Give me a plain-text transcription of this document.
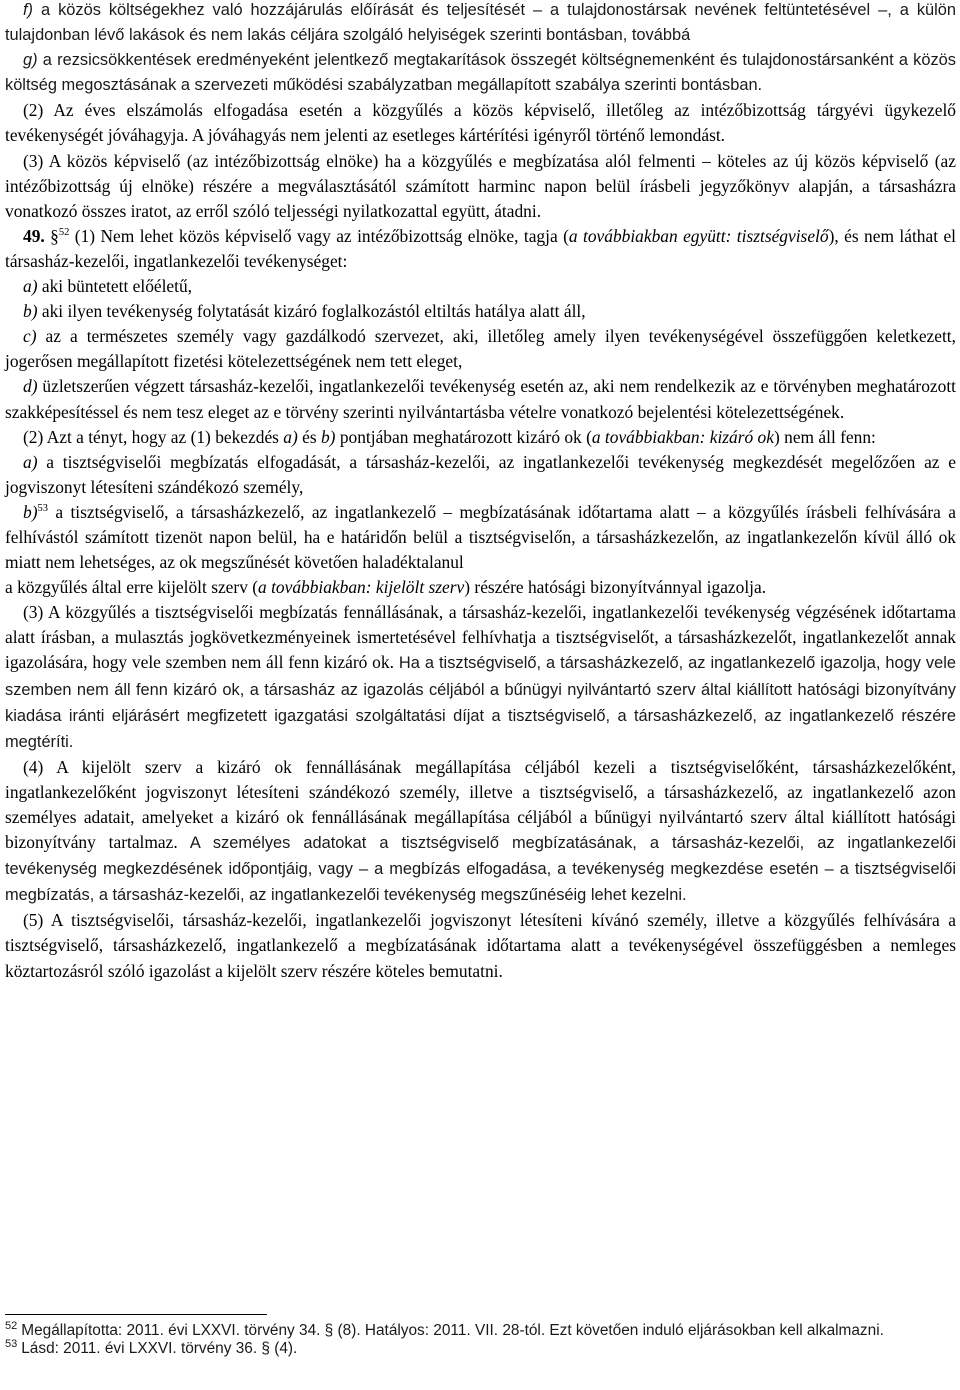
f) a közös költségekhez való hozzájárulás előírását és teljesítését – a tulajdonostársak nevének feltüntetésével –, a külön tulajdonban lévő lakások és nem lakás céljára szolgáló helyiségek szerinti bontásban, továbbá

g) a rezsicsökkentések eredményeként jelentkező megtakarítások összegét költségnemenként és tulajdonostársanként a közös költség megosztásának a szervezeti működési szabályzatban megállapított szabálya szerinti bontásban.

(2) Az éves elszámolás elfogadása esetén a közgyűlés a közös képviselő, illetőleg az intézőbizottság tárgyévi ügykezelő tevékenységét jóváhagyja. A jóváhagyás nem jelenti az esetleges kártérítési igényről történő lemondást.

(3) A közös képviselő (az intézőbizottság elnöke) ha a közgyűlés e megbízatása alól felmenti – köteles az új közös képviselő (az intézőbizottság új elnöke) részére a megválasztásától számított harminc napon belül írásbeli jegyzőkönyv alapján, a társasházra vonatkozó összes iratot, az erről szóló teljességi nyilatkozattal együtt, átadni.

49. §$^{52}$ (1) Nem lehet közös képviselő vagy az intézőbizottság elnöke, tagja (a továbbiakban együtt: tisztségviselő), és nem láthat el társasház-kezelői, ingatlankezelői tevékenységet:

a) aki büntetett előéletű,

b) aki ilyen tevékenység folytatását kizáró foglalkozástól eltiltás hatálya alatt áll,

c) az a természetes személy vagy gazdálkodó szervezet, aki, illetőleg amely ilyen tevékenységével összefüggően keletkezett, jogerősen megállapított fizetési kötelezettségének nem tett eleget,

d) üzletszerűen végzett társasház-kezelői, ingatlankezelői tevékenység esetén az, aki nem rendelkezik az e törvényben meghatározott szakképesítéssel és nem tesz eleget az e törvény szerinti nyilvántartásba vételre vonatkozó bejelentési kötelezettségének.

(2) Azt a tényt, hogy az (1) bekezdés a) és b) pontjában meghatározott kizáró ok (a továbbiakban: kizáró ok) nem áll fenn:

a) a tisztségviselői megbízatás elfogadását, a társasház-kezelői, az ingatlankezelői tevékenység megkezdését megelőzően az e jogviszonyt létesíteni szándékozó személy,

b)$^{53}$ a tisztségviselő, a társasházkezelő, az ingatlankezelő – megbízatásának időtartama alatt – a közgyűlés írásbeli felhívására a felhívástól számított tizenöt napon belül, ha e határidőn belül a tisztségviselőn, a társasházkezelőn, az ingatlankezelőn kívül álló ok miatt nem lehetséges, az ok megszűnését követően haladéktalanul

a közgyűlés által erre kijelölt szerv (a továbbiakban: kijelölt szerv) részére hatósági bizonyítvánnyal igazolja.

(3) A közgyűlés a tisztségviselői megbízatás fennállásának, a társasház-kezelői, ingatlankezelői tevékenység végzésének időtartama alatt írásban, a mulasztás jogkövetkezményeinek ismertetésével felhívhatja a tisztségviselőt, a társasházkezelőt, ingatlankezelőt annak igazolására, hogy vele szemben nem áll fenn kizáró ok. Ha a tisztségviselő, a társasházkezelő, az ingatlankezelő igazolja, hogy vele szemben nem áll fenn kizáró ok, a társasház az igazolás céljából a bűnügyi nyilvántartó szerv által kiállított hatósági bizonyítvány kiadása iránti eljárásért megfizetett igazgatási szolgáltatási díjat a tisztségviselő, a társasházkezelő, az ingatlankezelő részére megtéríti.

(4) A kijelölt szerv a kizáró ok fennállásának megállapítása céljából kezeli a tisztségviselőként, társasházkezelőként, ingatlankezelőként jogviszonyt létesíteni szándékozó személy, illetve a tisztségviselő, a társasházkezelő, az ingatlankezelő azon személyes adatait, amelyeket a kizáró ok fennállásának megállapítása céljából a bűnügyi nyilvántartó szerv által kiállított hatósági bizonyítvány tartalmaz. A személyes adatokat a tisztségviselő megbízatásának, a társasház-kezelői, az ingatlankezelői tevékenység megkezdésének időpontjáig, vagy – a megbízás elfogadása, a tevékenység megkezdése esetén – a tisztségviselői megbízatás, a társasház-kezelői, az ingatlankezelői tevékenység megszűnéséig lehet kezelni.

(5) A tisztségviselői, társasház-kezelői, ingatlankezelői jogviszonyt létesíteni kívánó személy, illetve a közgyűlés felhívására a tisztségviselő, társasházkezelő, ingatlankezelő a megbízatásának időtartama alatt a tevékenységével összefüggésben a nemleges köztartozásról szóló igazolást a kijelölt szerv részére köteles bemutatni.

$^{52}$ Megállapította: 2011. évi LXXVI. törvény 34. § (8). Hatályos: 2011. VII. 28-tól. Ezt követően induló eljárásokban kell alkalmazni.

$^{53}$ Lásd: 2011. évi LXXVI. törvény 36. § (4).
